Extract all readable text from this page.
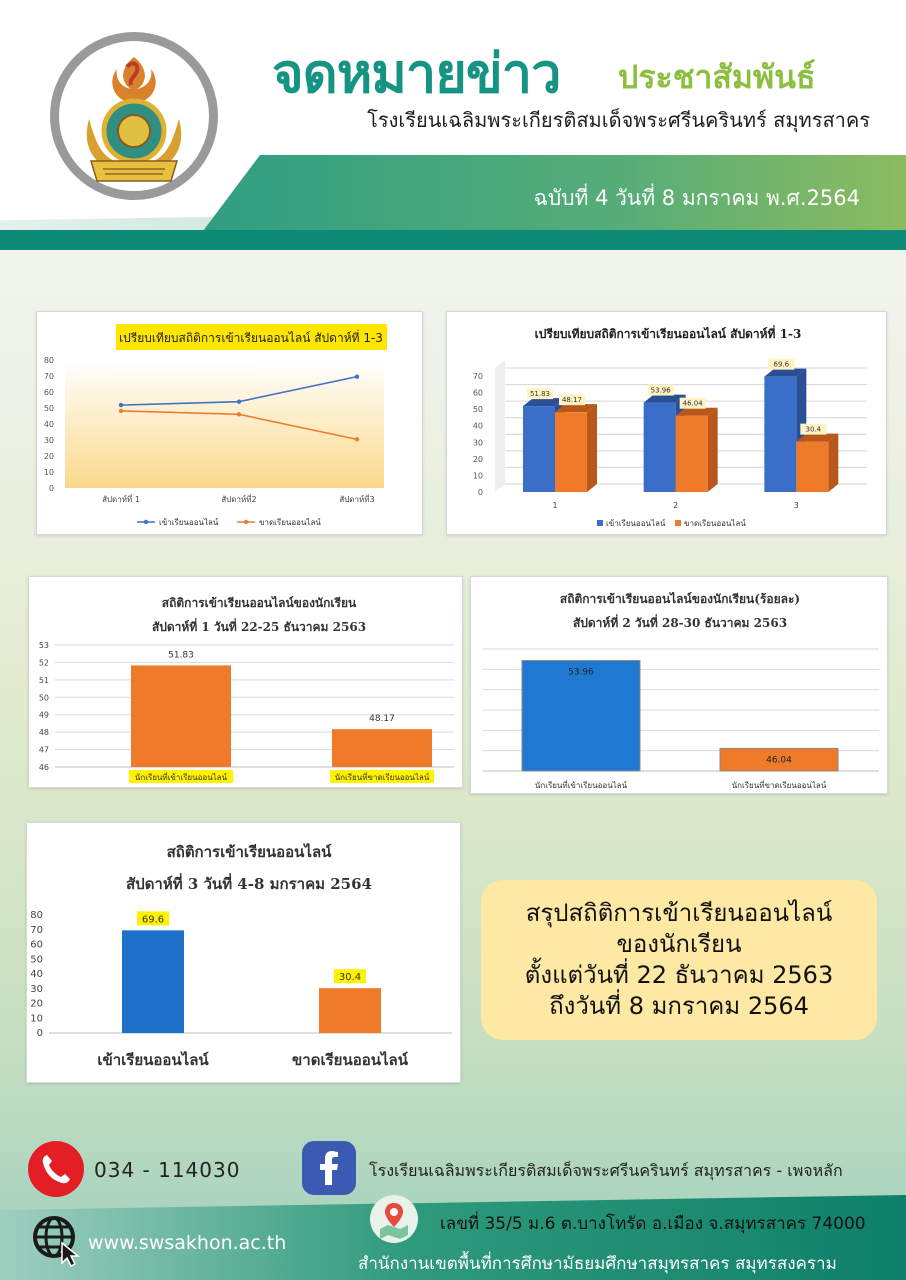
จดหมายข่าว ประชาสัมพันธ์
โรงเรียนเฉลิมพระเกียรติสมเด็จพระศรีนครินทร์ สมุทรสาคร
ฉบับที่ 4 วันที่ 8 มกราคม พ.ศ.2564
เปรียบเทียบสถิติการเข้าเรียนออนไลน์ สัปดาห์ที่ 1-3
0
10
20
30
40
50
60
70
80
สัปดาห์ที่ 1	สัปดาห์ที่2	สัปดาห์ที่3
เข้าเรียนออนไลน์	ขาดเรียนออนไลน์
เปรียบเทียบสถิติการเข้าเรียนออนไลน์ สัปดาห์ที่ 1-3
0
10
20
30
40
50
60
70
51.83
48.17
1
53.96
46.04
2
69.6
30.4
3
เข้าเรียนออนไลน์ ขาดเรียนออนไลน์
สถิติการเข้าเรียนออนไลน์ของนักเรียน
สัปดาห์ที่ 1 วันที่ 22-25 ธันวาคม 2563
46
47
48
49
50
51
52
53
51.83
นักเรียนที่เข้าเรียนออนไลน์
48.17
นักเรียนที่ขาดเรียนออนไลน์
สถิติการเข้าเรียนออนไลน์ของนักเรียน(ร้อยละ)
สัปดาห์ที่ 2 วันที่ 28-30 ธันวาคม 2563
53.96
นักเรียนที่เข้าเรียนออนไลน์
46.04
นักเรียนที่ขาดเรียนออนไลน์
สถิติการเข้าเรียนออนไลน์
สัปดาห์ที่ 3 วันที่ 4-8 มกราคม 2564
0
10
20
30
40
50
60
70
80	69.6
เข้าเรียนออนไลน์
30.4
ขาดเรียนออนไลน์
สรุปสถิติการเข้าเรียนออนไลน์
ของนักเรียน
ตั้งแต่วันที่ 22 ธันวาคม 2563
ถึงวันที่ 8 มกราคม 2564
034 - 114030	โรงเรียนเฉลิมพระเกียรติสมเด็จพระศรีนครินทร์ สมุทรสาคร - เพจหลัก
เลขที่ 35/5 ม.6 ต.บางโทรัด อ.เมือง จ.สมุทรสาคร 74000
www.swsakhon.ac.th
สำนักงานเขตพื้นที่การศึกษามัธยมศึกษาสมุทรสาคร สมุทรสงคราม
